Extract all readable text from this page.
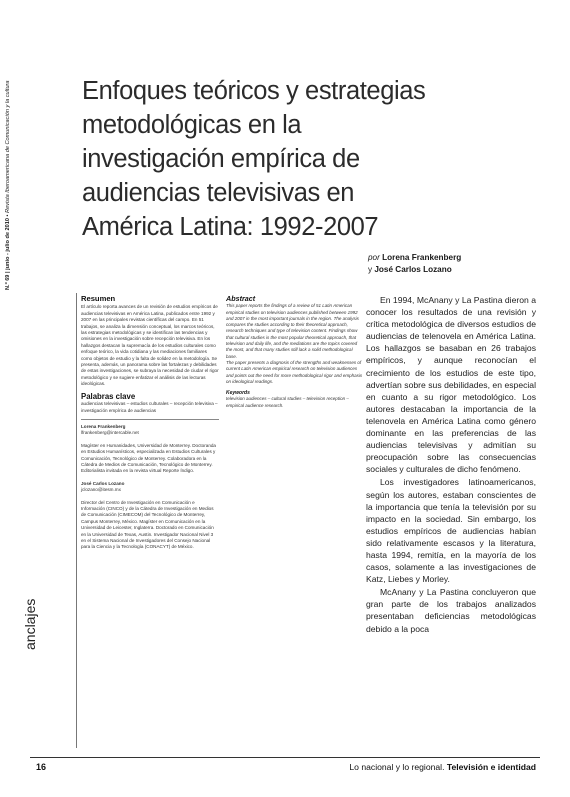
N.º 69 | junio - julio de 2010 • Revista Iberoamericana de Comunicación y la cultura
anclajes
Enfoques teóricos y estrategias metodológicas en la investigación empírica de audiencias televisivas en América Latina: 1992-2007
por Lorena Frankenberg
y José Carlos Lozano
Resumen

El artículo reporta avances de un revisión de estudios empíricos de audiencias televisivas en América Latina, publicados entre 1992 y 2007 en las principales revistas científicas del campo. En 51 trabajos, se analiza la dimensión conceptual, los marcos teóricos, las estrategias metodológicas y se identifican las tendencias y omisiones en la investigación sobre recepción televisiva. En los hallazgos destacan la supremacía de los estudios culturales como enfoque teórico, la vida cotidiana y las mediaciones familiares como objetos de estudio y la falta de solidez en la metodología. Se presenta, además, un panorama sobre las fortalezas y debilidades de estas investigaciones, se subraya la necesidad de ciudar el rigor metodológico y se sugiere enfatizar el análisis de las lecturas ideológicas.

Palabras clave

audiencias televisivas – estudios culturales – recepción televisiva – investigación empírica de audiencias

Lorena Frankenberg

lfrankenberg@intercable.net

Magíster en Humanidades, Universidad de Monterrey. Doctoranda en Estudios Humanísticos, especializada en Estudios Culturales y Comunicación, Tecnológico de Monterrey. Colaboradora en la Cátedra de Medios de Comunicación, Tecnológico de Monterrey. Editorialista invitada en la revista virtual Reporte Índigo.

José Carlos Lozano

jclozano@itesm.mx

Director del Centro de Investigación en Comunicación e Información (CINCO) y de la Cátedra de Investigación en Medios de Comunicación (CIMECOM) del Tecnológico de Monterrey, Campus Monterrey, México. Magíster en Comunicación en la Universidad de Leicester, Inglaterra. Doctorado en Comunicación en la Universidad de Texas, Austin. Investigador Nacional Nivel 3 en el Sistema Nacional de Investigadores del Consejo Nacional para la Ciencia y la Tecnología (CONACYT) de México.

Abstract

This paper reports the findings of a review of 51 Latin American empirical studies on television audiences published between 1992 and 2007 in the most important journals in the region. The analysis compares the studies according to their theoretical approach, research techniques and type of television content. Findings show that cultural studies is the most popular theoretical approach, that television and daily life, and the mediations are the topics covered the most, and that many studies still lack a solid methodological base.

The paper presents a diagnosis of the strengths and weaknesses of current Latin American empirical research on television audiences and points out the need for more methodological rigor and emphasis on ideological readings.

Keywords

television audiences – cultural studies – television reception – empirical audience research.

En 1994, McAnany y La Pastina dieron a conocer los resultados de una revisión y crítica metodológica de diversos estudios de audiencias de telenovela en América Latina. Los hallazgos se basaban en 26 trabajos empíricos, y aunque reconocían el crecimiento de los estudios de este tipo, advertían sobre sus debilidades, en especial en cuanto a su rigor metodológico. Los autores destacaban la importancia de la telenovela en América Latina como género dominante en las preferencias de las audiencias televisivas y admitían su preocupación sobre las consecuencias sociales y culturales de dicho fenómeno.

Los investigadores latinoamericanos, según los autores, estaban conscientes de la importancia que tenía la televisión por su impacto en la sociedad. Sin embargo, los estudios empíricos de audiencias habían sido relativamente escasos y la literatura, hasta 1994, remitía, en la mayoría de los casos, solamente a las investigaciones de Katz, Liebes y Morley.

McAnany y La Pastina concluyeron que gran parte de los trabajos analizados presentaban deficiencias metodológicas debido a la poca

16	Lo nacional y lo regional. Televisión e identidad
